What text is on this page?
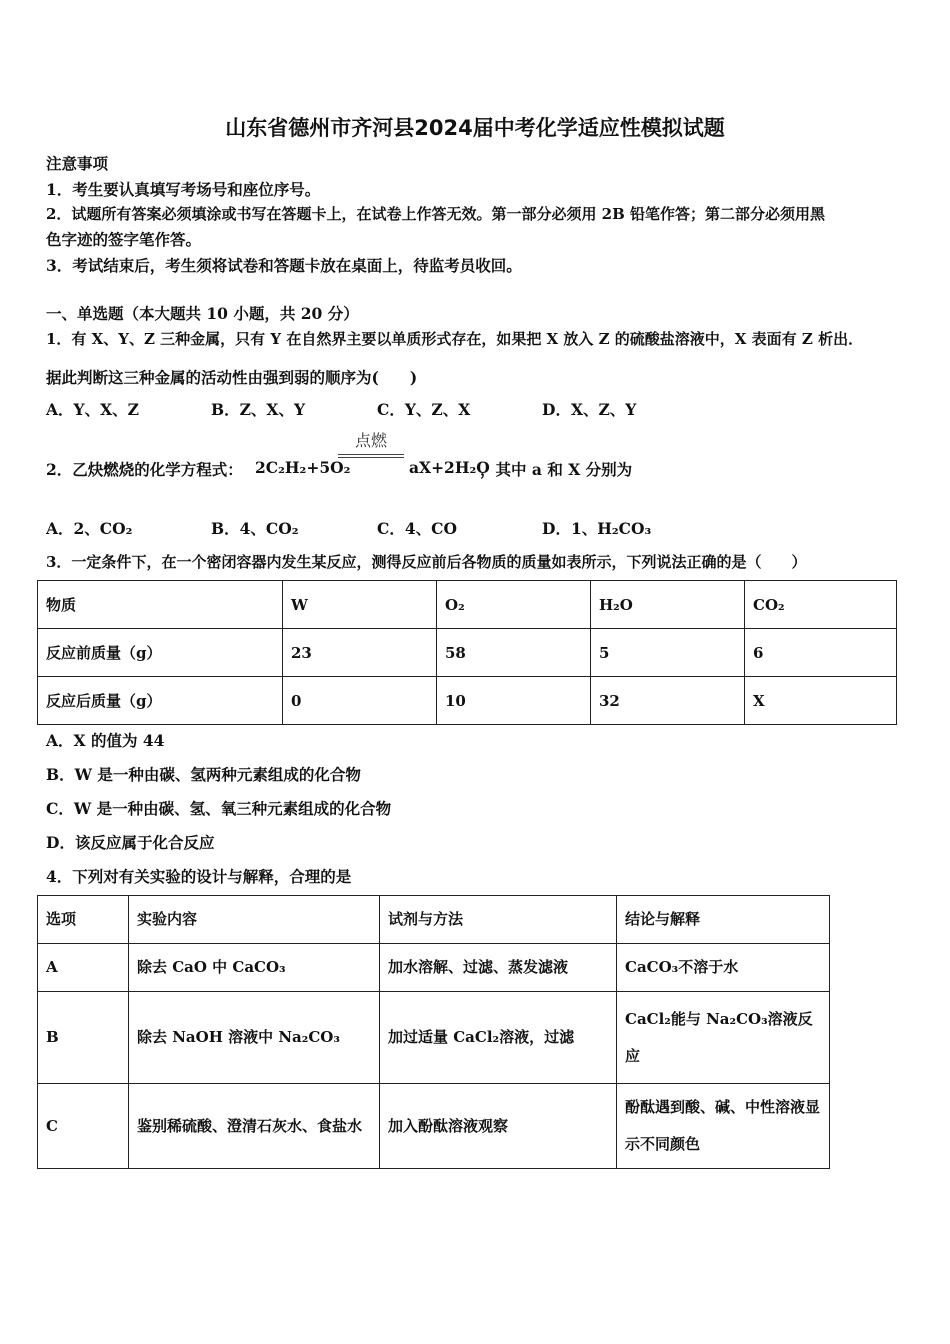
山东省德州市齐河县2024届中考化学适应性模拟试题
注意事项
1．考生要认真填写考场号和座位序号。
2．试题所有答案必须填涂或书写在答题卡上，在试卷上作答无效。第一部分必须用 2B 铅笔作答；第二部分必须用黑
色字迹的签字笔作答。
3．考试结束后，考生须将试卷和答题卡放在桌面上，待监考员收回。
一、单选题（本大题共 10 小题，共 20 分）
1．有 X、Y、Z 三种金属，只有 Y 在自然界主要以单质形式存在，如果把 X 放入 Z 的硫酸盐溶液中，X 表面有 Z 析出．
据此判断这三种金属的活动性由强到弱的顺序为(　　)
A．Y、X、Z	B．Z、X、Y	C．Y、Z、X	D．X、Z、Y
2．乙炔燃烧的化学方程式： 2C₂H₂+5O₂
点燃
aX+2H₂O
，其中 a 和 X 分别为
A．2、CO₂	B．4、CO₂	C．4、CO	D．1、H₂CO₃
3．一定条件下，在一个密闭容器内发生某反应，测得反应前后各物质的质量如表所示，下列说法正确的是（　　）
物质	W	O₂	H₂O	CO₂
反应前质量（g）	23	58	5	6
反应后质量（g）	0	10	32	X
A．X 的值为 44
B．W 是一种由碳、氢两种元素组成的化合物
C．W 是一种由碳、氢、氧三种元素组成的化合物
D．该反应属于化合反应
4．下列对有关实验的设计与解释，合理的是
选项	实验内容	试剂与方法	结论与解释
A	除去 CaO 中 CaCO₃	加水溶解、过滤、蒸发滤液	CaCO₃不溶于水
B	除去 NaOH 溶液中 Na₂CO₃	加过适量 CaCl₂溶液，过滤	CaCl₂能与 Na₂CO₃溶液反应
C	鉴别稀硫酸、澄清石灰水、食盐水	加入酚酞溶液观察	酚酞遇到酸、碱、中性溶液显示不同颜色
